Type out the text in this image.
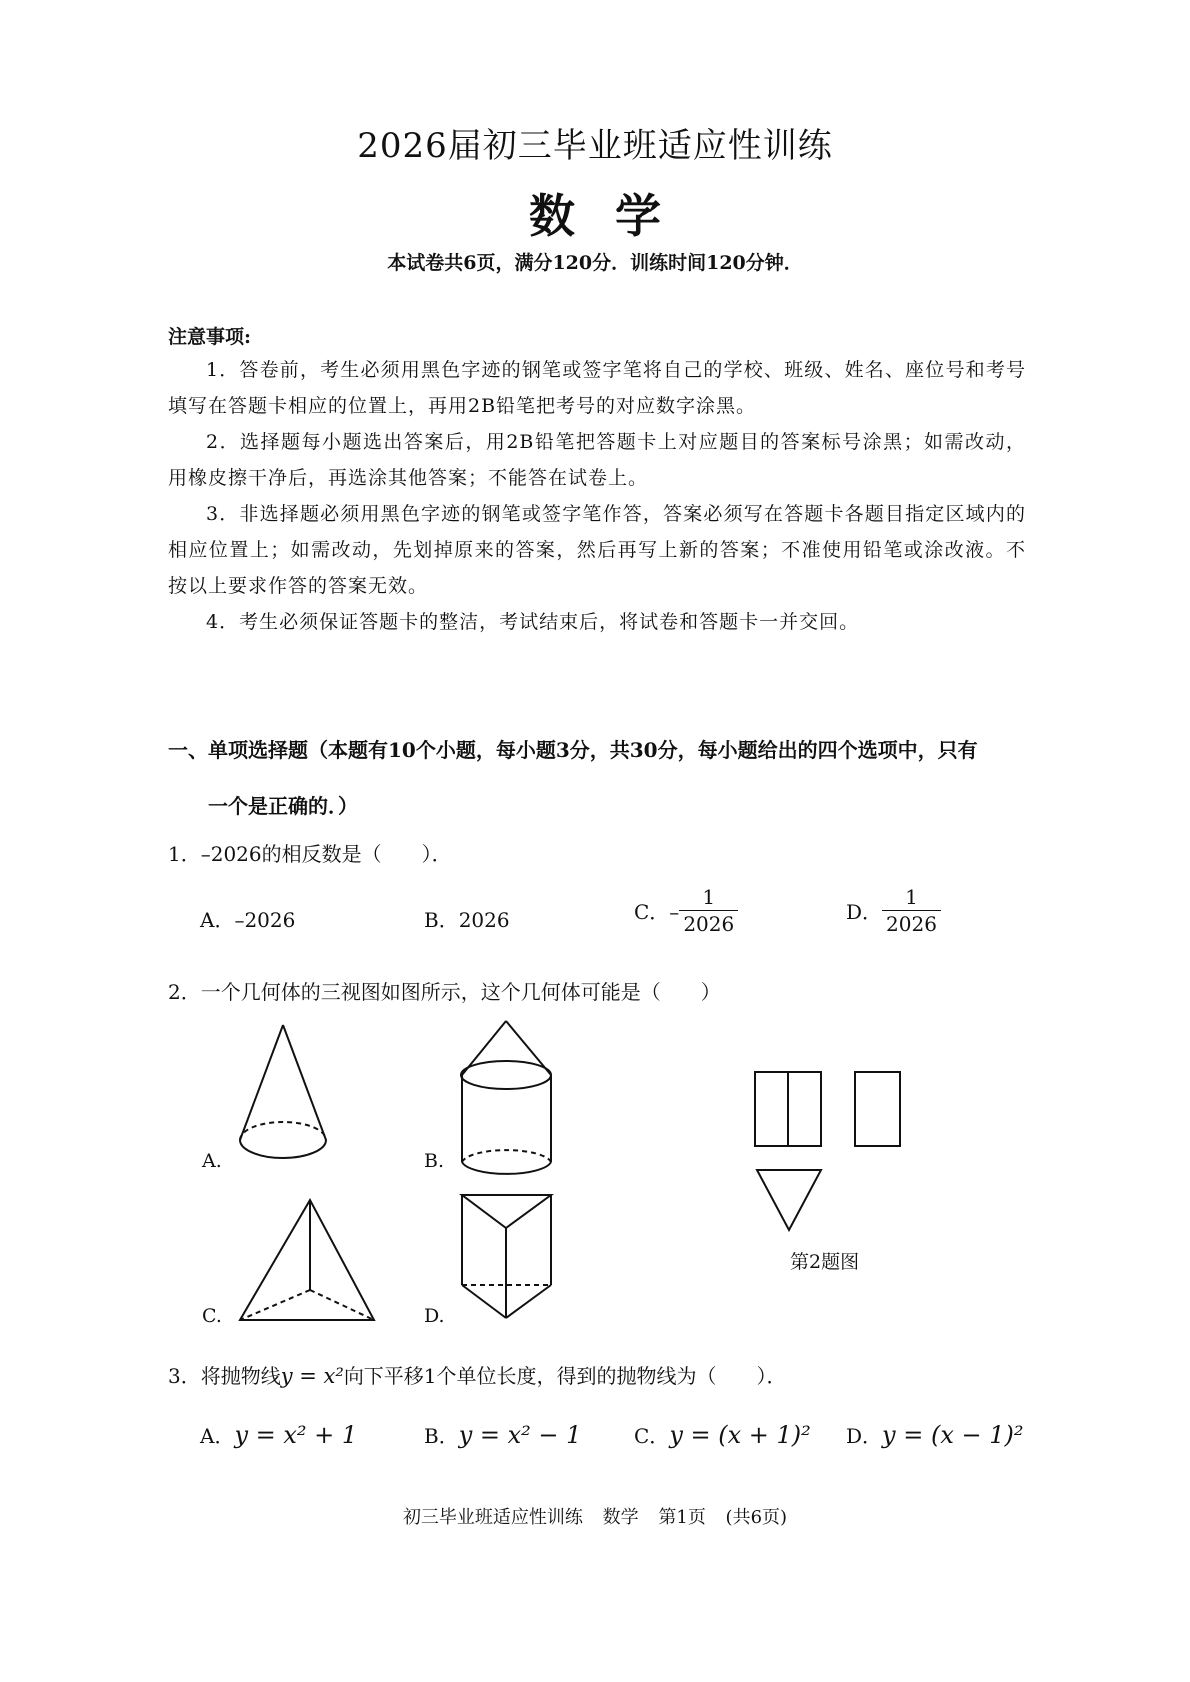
2026届初三毕业班适应性训练
数学
本试卷共6页，满分120分．训练时间120分钟．
注意事项:
1．答卷前，考生必须用黑色字迹的钢笔或签字笔将自己的学校、班级、姓名、座位号和考号填写在答题卡相应的位置上，再用2B铅笔把考号的对应数字涂黑。
2．选择题每小题选出答案后，用2B铅笔把答题卡上对应题目的答案标号涂黑；如需改动，用橡皮擦干净后，再选涂其他答案；不能答在试卷上。
3．非选择题必须用黑色字迹的钢笔或签字笔作答，答案必须写在答题卡各题目指定区域内的相应位置上；如需改动，先划掉原来的答案，然后再写上新的答案；不准使用铅笔或涂改液。不按以上要求作答的答案无效。
4．考生必须保证答题卡的整洁，考试结束后，将试卷和答题卡一并交回。
一、单项选择题（本题有10个小题，每小题3分，共30分，每小题给出的四个选项中，只有
一个是正确的．）
1．–2026的相反数是（　　）．
A．–2026	B．2026	C．– $\frac{1}{2026}$	D． $\frac{1}{2026}$
2．一个几何体的三视图如图所示，这个几何体可能是（　　）
A.	B.
C.	D.
第2题图
3．将抛物线y = x²向下平移1个单位长度，得到的抛物线为（　　）．
A．y = x² + 1	B．y = x² − 1	C．y = (x + 1)² D．y = (x − 1)²
初三毕业班适应性训练 数学 第1页 (共6页)
